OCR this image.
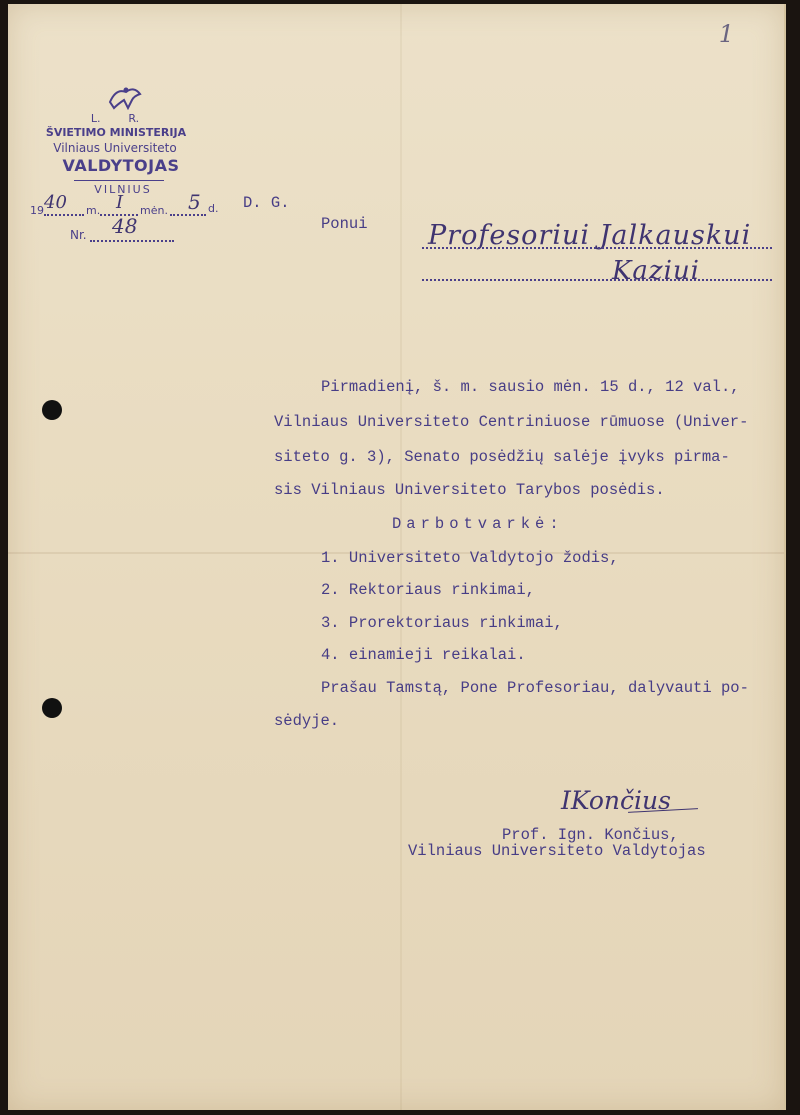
1
L.        R.
ŠVIETIMO MINISTERIJA
Vilniaus Universiteto
VALDYTOJAS
VILNIUS
19 40 m. I mėn. 5 d.
Nr. 48
D. G.
Ponui Profesoriui Jalkauskui
Kaziui
Pirmadienį, š. m. sausio mėn. 15 d., 12 val.,
Vilniaus Universiteto Centriniuose rūmuose (Univer-
siteto g. 3), Senato posėdžių salėje įvyks pirma-
sis Vilniaus Universiteto Tarybos posėdis.
Darbotvarkė:
1. Universiteto Valdytojo žodis,
2. Rektoriaus rinkimai,
3. Prorektoriaus rinkimai,
4. einamieji reikalai.
Prašau Tamstą, Pone Profesoriau, dalyvauti po-
sėdyje.
IKončius
Prof. Ign. Končius,
Vilniaus Universiteto Valdytojas
